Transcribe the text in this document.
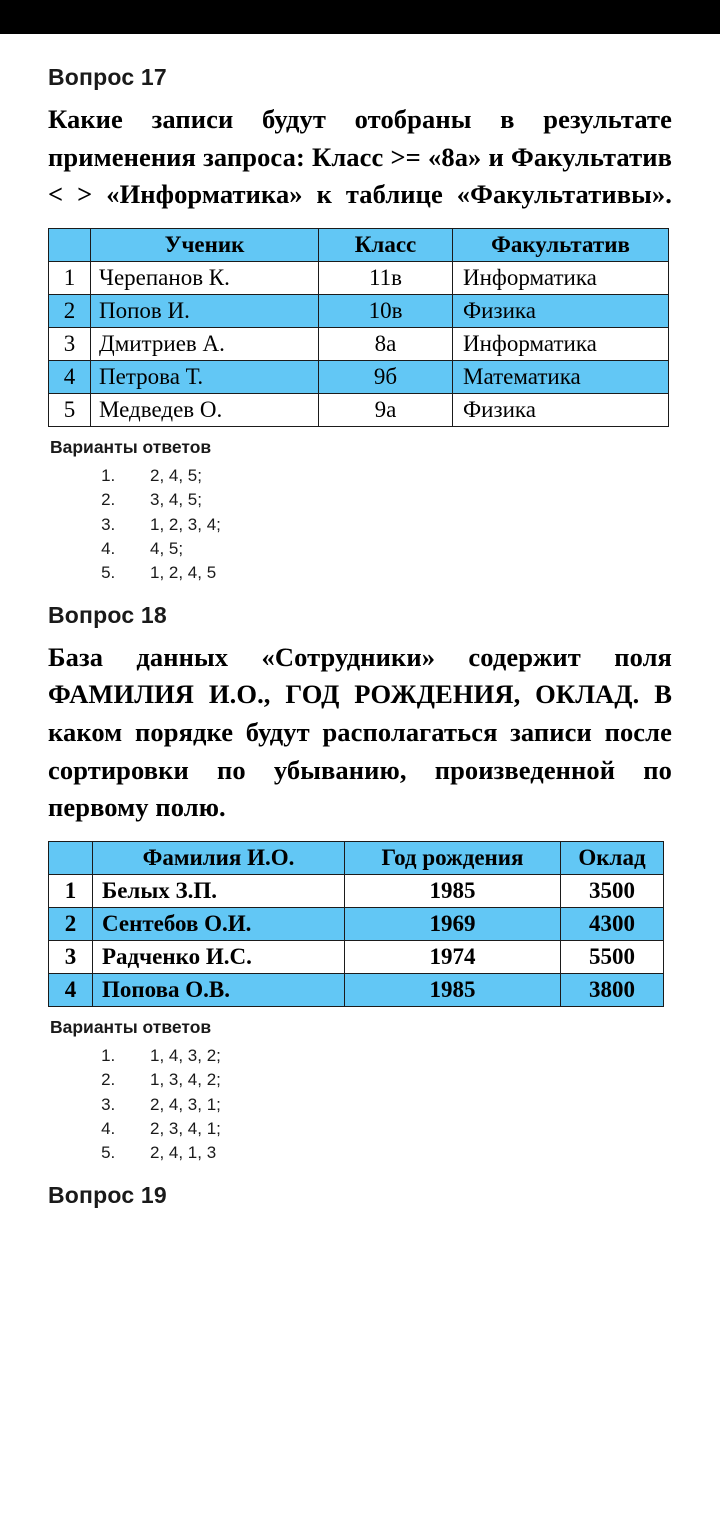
Вопрос 17
Какие записи будут отобраны в результате применения запроса: Класс >= «8а» и Факультатив < > «Информатика» к таблице «Факультативы».
	Ученик	Класс	Факультатив
1	Черепанов К.	11в	Информатика
2	Попов И.	10в	Физика
3	Дмитриев А.	8а	Информатика
4	Петрова Т.	9б	Математика
5	Медведев О.	9а	Физика
Варианты ответов
1. 2, 4, 5;
2. 3, 4, 5;
3. 1, 2, 3, 4;
4. 4, 5;
5. 1, 2, 4, 5
Вопрос 18
База данных «Сотрудники» содержит поля ФАМИЛИЯ И.О., ГОД РОЖДЕНИЯ, ОКЛАД. В каком порядке будут располагаться записи после сортировки по убыванию, произведенной по первому полю.
	Фамилия И.О.	Год рождения	Оклад
1	Белых З.П.	1985	3500
2	Сентебов О.И.	1969	4300
3	Радченко И.С.	1974	5500
4	Попова О.В.	1985	3800
Варианты ответов
1. 1, 4, 3, 2;
2. 1, 3, 4, 2;
3. 2, 4, 3, 1;
4. 2, 3, 4, 1;
5. 2, 4, 1, 3
Вопрос 19
